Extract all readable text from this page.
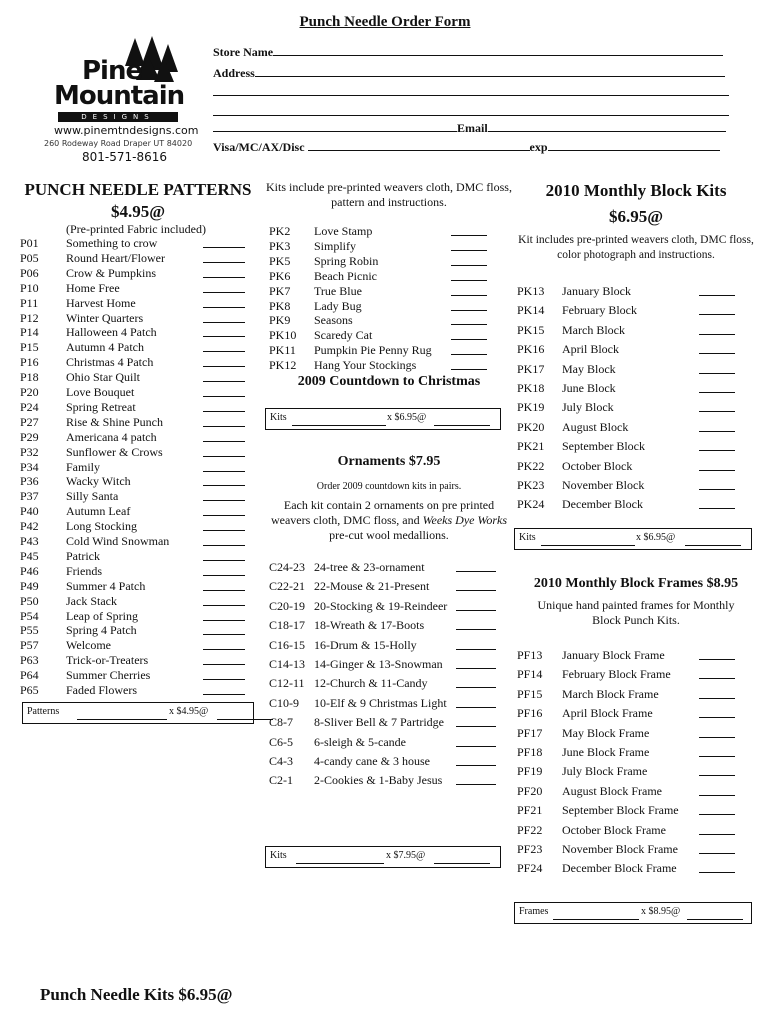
Punch Needle Order Form
Store Name
Address
Email
Visa/MC/AX/Disc	exp
Pine
Mountain
DESIGNS
www.pinemtndesigns.com
260 Rodeway Road Draper UT 84020
801-571-8616
PUNCH NEEDLE PATTERNS
$4.95@
(Pre-printed Fabric included)
P01 Something to crow
P05 Round Heart/Flower
P06 Crow & Pumpkins
P10 Home Free
P11 Harvest Home
P12 Winter Quarters
P14 Halloween 4 Patch
P15 Autumn 4 Patch
P16 Christmas 4 Patch
P18 Ohio Star Quilt
P20 Love Bouquet
P24 Spring Retreat
P27 Rise & Shine Punch
P29 Americana 4 patch
P32 Sunflower & Crows
P34 Family
P36 Wacky Witch
P37 Silly Santa
P40 Autumn Leaf
P42 Long Stocking
P43 Cold Wind Snowman
P45 Patrick
P46 Friends
P49 Summer 4 Patch
P50 Jack Stack
P54 Leap of Spring
P55 Spring 4 Patch
P57 Welcome
P63 Trick-or-Treaters
P64 Summer Cherries
P65 Faded Flowers
Patterns	x $4.95@
Kits include pre-printed weavers cloth, DMC floss, pattern and instructions.
PK2 Love Stamp
PK3 Simplify
PK5 Spring Robin
PK6 Beach Picnic
PK7 True Blue
PK8 Lady Bug
PK9 Seasons
PK10 Scaredy Cat
PK11 Pumpkin Pie Penny Rug
PK12 Hang Your Stockings
2009 Countdown to Christmas
Kits	x $6.95@
Ornaments $7.95
Order 2009 countdown kits in pairs.
Each kit contain 2 ornaments on pre printed weavers cloth, DMC floss, and Weeks Dye Works pre-cut wool medallions.
C24-23 24-tree & 23-ornament
C22-21 22-Mouse & 21-Present
C20-19 20-Stocking & 19-Reindeer
C18-17 18-Wreath & 17-Boots
C16-15 16-Drum & 15-Holly
C14-13 14-Ginger & 13-Snowman
C12-11 12-Church & 11-Candy
C10-9 10-Elf & 9 Christmas Light
C8-7 8-Sliver Bell & 7 Partridge
C6-5 6-sleigh & 5-cande
C4-3 4-candy cane & 3 house
C2-1 2-Cookies & 1-Baby Jesus
Kits	x $7.95@
2010 Monthly Block Kits
$6.95@
Kit includes pre-printed weavers cloth, DMC floss, color photograph and instructions.
PK13 January Block
PK14 February Block
PK15 March Block
PK16 April Block
PK17 May Block
PK18 June Block
PK19 July Block
PK20 August Block
PK21 September Block
PK22 October Block
PK23 November Block
PK24 December Block
Kits	x $6.95@
2010 Monthly Block Frames $8.95
Unique hand painted frames for Monthly Block Punch Kits.
PF13 January Block Frame
PF14 February Block Frame
PF15 March Block Frame
PF16 April Block Frame
PF17 May Block Frame
PF18 June Block Frame
PF19 July Block Frame
PF20 August Block Frame
PF21 September Block Frame
PF22 October Block Frame
PF23 November Block Frame
PF24 December Block Frame
Frames	x $8.95@
Punch Needle Kits $6.95@
